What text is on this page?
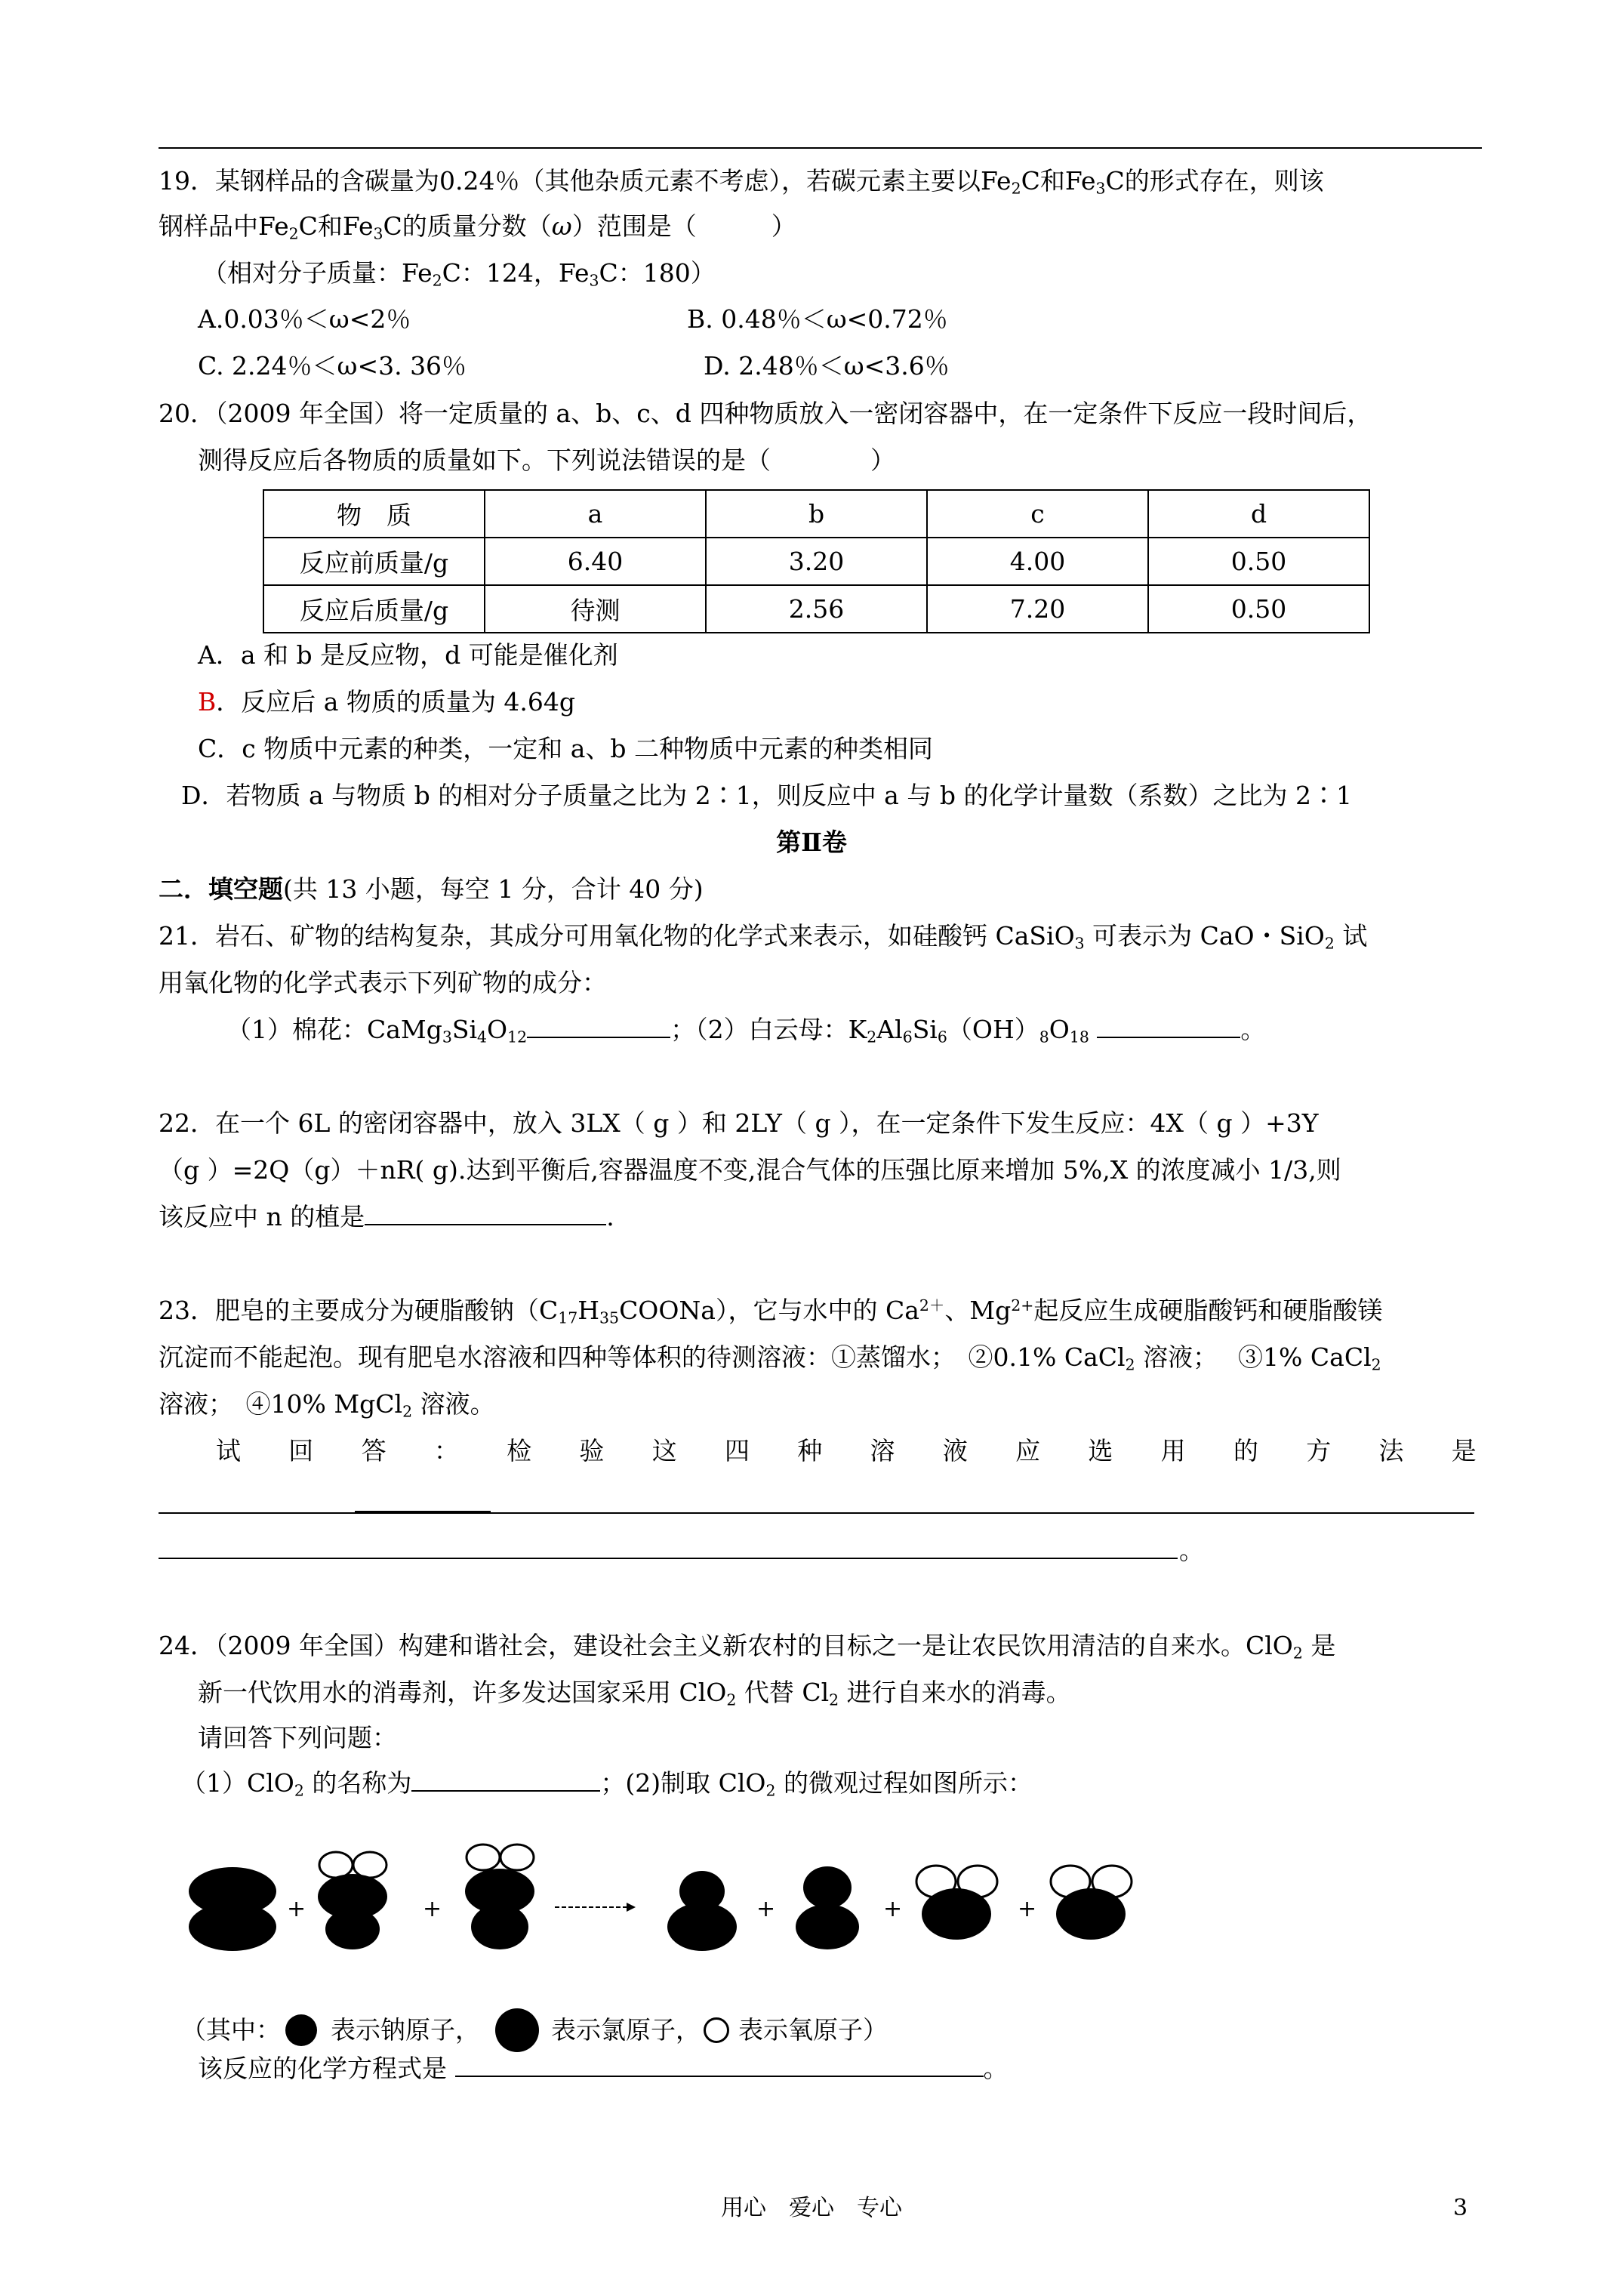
19．某钢样品的含碳量为0.24％（其他杂质元素不考虑），若碳元素主要以$Fe_2C$和$Fe_3C$的形式存在，则该
钢样品中$Fe_2C$和$Fe_3C$的质量分数（ω）范围是（　　　）
（相对分子质量：$Fe_2C$：124，$Fe_3C$：180）
A.0.03％＜ω<2％	B. 0.48％＜ω<0.72％
C. 2.24％＜ω<3. 36％	D. 2.48％＜ω<3.6％
20．（2009 年全国）将一定质量的 a、b、c、d 四种物质放入一密闭容器中，在一定条件下反应一段时间后，
测得反应后各物质的质量如下。下列说法错误的是（　　　　）
物　质	a	b	c	d
反应前质量/g	6.40	3.20	4.00	0.50
反应后质量/g	待测	2.56	7.20	0.50
A．a 和 b 是反应物，d 可能是催化剂
B．反应后 a 物质的质量为 4.64g
C．c 物质中元素的种类，一定和 a、b 二种物质中元素的种类相同
D．若物质 a 与物质 b 的相对分子质量之比为 2∶1，则反应中 a 与 b 的化学计量数（系数）之比为 2∶1
第Ⅱ卷
二．填空题(共 13 小题，每空 1 分，合计 40 分)
21．岩石、矿物的结构复杂，其成分可用氧化物的化学式来表示，如硅酸钙 CaSiO$_3$ 可表示为 CaO・SiO$_2$ 试
用氧化物的化学式表示下列矿物的成分：
（1）棉花：$CaMg_3Si_4O_{12}$	；（2）白云母：$K_2Al_6Si_6(OH)_8O_{18}$	。
22．在一个 6L 的密闭容器中，放入 3LX（ g ）和 2LY（ g ），在一定条件下发生反应：4X（ g ）+3Y
（g ）=2Q（g）＋nR( g).达到平衡后,容器温度不变,混合气体的压强比原来增加 5%,X 的浓度减小 1/3,则
该反应中 n 的植是	.
23．肥皂的主要成分为硬脂酸钠$(C_{17}H_{35}COONa)$，它与水中的 $Ca^{2+}$、$Mg^{2+}$起反应生成硬脂酸钙和硬脂酸镁
沉淀而不能起泡。现有肥皂水溶液和四种等体积的待测溶液：①蒸馏水；　②0.1% CaCl$_2$ 溶液；　 ③1% CaCl$_2$
溶液；　④10% MgCl$_2$ 溶液。
试 回 答 ： 检 验 这 四 种 溶 液 应 选 用 的 方 法 是
。
24．（2009 年全国）构建和谐社会，建设社会主义新农村的目标之一是让农民饮用清洁的自来水。ClO$_2$ 是
新一代饮用水的消毒剂，许多发达国家采用 ClO$_2$ 代替 $Cl_2$ 进行自来水的消毒。
请回答下列问题：
（1）ClO$_2$ 的名称为	；(2)制取 ClO$_2$ 的微观过程如图所示：
+	+	+	+	+
（其中： 表示钠原子，	表示氯原子， 表示氧原子）
该反应的化学方程式是	。
用心　爱心　专心	3
